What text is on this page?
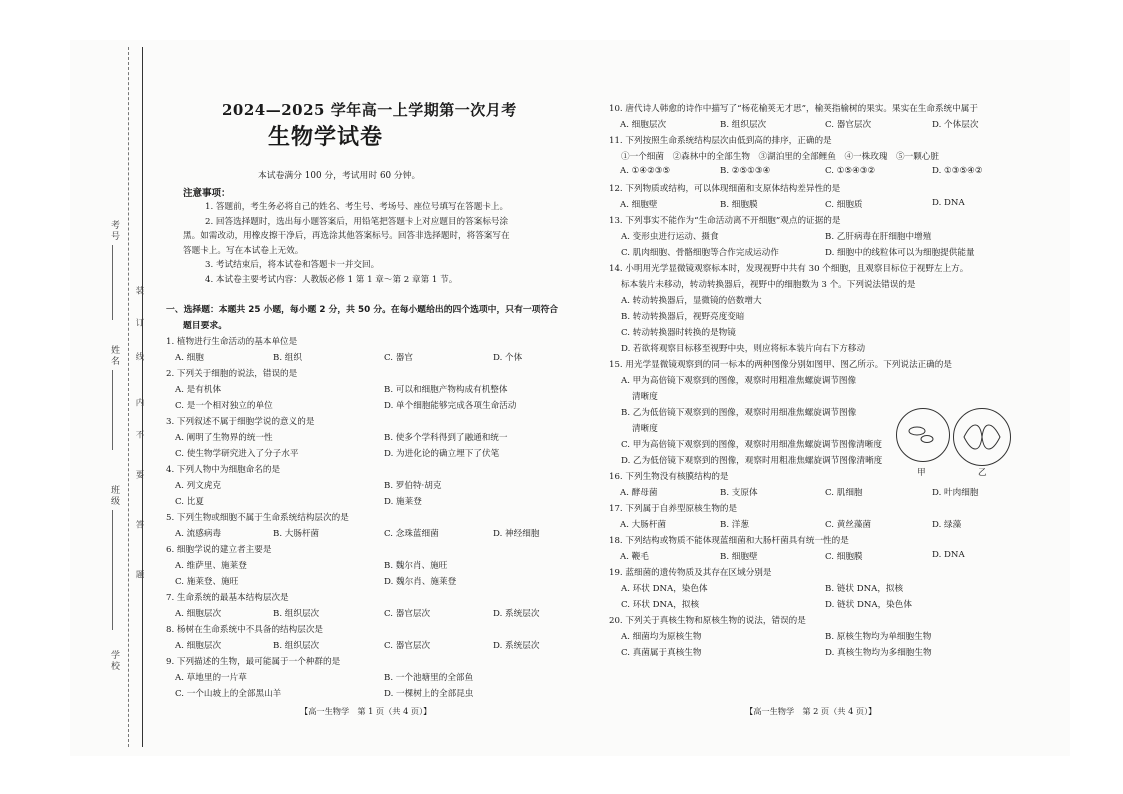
考号
姓名
班级
学校
装
订
线
内
不
要
答
题
2024—2025 学年高一上学期第一次月考
生物学试卷
本试卷满分 100 分，考试用时 60 分钟。
注意事项：
1. 答题前，考生务必将自己的姓名、考生号、考场号、座位号填写在答题卡上。
2. 回答选择题时，选出每小题答案后，用铅笔把答题卡上对应题目的答案标号涂
黑。如需改动，用橡皮擦干净后，再选涂其他答案标号。回答非选择题时，将答案写在
答题卡上。写在本试卷上无效。
3. 考试结束后，将本试卷和答题卡一并交回。
4. 本试卷主要考试内容：人教版必修 1 第 1 章～第 2 章第 1 节。
一、选择题：本题共 25 小题，每小题 2 分，共 50 分。在每小题给出的四个选项中，只有一项符合
题目要求。
1. 植物进行生命活动的基本单位是
A. 细胞	B. 组织	C. 器官	D. 个体
2. 下列关于细胞的说法，错误的是
A. 是有机体	B. 可以和细胞产物构成有机整体
C. 是一个相对独立的单位	D. 单个细胞能够完成各项生命活动
3. 下列叙述不属于细胞学说的意义的是
A. 阐明了生物界的统一性	B. 使多个学科得到了融通和统一
C. 使生物学研究进入了分子水平	D. 为进化论的确立埋下了伏笔
4. 下列人物中为细胞命名的是
A. 列文虎克	B. 罗伯特·胡克
C. 比夏	D. 施莱登
5. 下列生物或细胞不属于生命系统结构层次的是
A. 流感病毒	B. 大肠杆菌	C. 念珠蓝细菌	D. 神经细胞
6. 细胞学说的建立者主要是
A. 维萨里、施莱登	B. 魏尔肖、施旺
C. 施莱登、施旺	D. 魏尔肖、施莱登
7. 生命系统的最基本结构层次是
A. 细胞层次	B. 组织层次	C. 器官层次	D. 系统层次
8. 杨树在生命系统中不具备的结构层次是
A. 细胞层次	B. 组织层次	C. 器官层次	D. 系统层次
9. 下列描述的生物，最可能属于一个种群的是
A. 草地里的一片草	B. 一个池塘里的全部鱼
C. 一个山坡上的全部黑山羊	D. 一棵树上的全部昆虫
10. 唐代诗人韩愈的诗作中描写了“杨花榆荚无才思”，榆荚指榆树的果实。果实在生命系统中属于
A. 细胞层次	B. 组织层次	C. 器官层次	D. 个体层次
11. 下列按照生命系统结构层次由低到高的排序，正确的是
①一个细菌　②森林中的全部生物　③湖泊里的全部鲤鱼　④一株玫瑰　⑤一颗心脏
A. ①④②③⑤	B. ②⑤①③④	C. ①⑤④③②	D. ①③⑤④②
12. 下列物质或结构，可以体现细菌和支原体结构差异性的是
A. 细胞壁	B. 细胞膜	C. 细胞质	D. DNA
13. 下列事实不能作为“生命活动离不开细胞”观点的证据的是
A. 变形虫进行运动、摄食	B. 乙肝病毒在肝细胞中增殖
C. 肌肉细胞、骨骼细胞等合作完成运动作	D. 细胞中的线粒体可以为细胞提供能量
14. 小明用光学显微镜观察标本时，发现视野中共有 30 个细胞，且观察目标位于视野左上方。
标本装片未移动，转动转换器后，视野中的细胞数为 3 个。下列说法错误的是
A. 转动转换器后，显微镜的倍数增大
B. 转动转换器后，视野亮度变暗
C. 转动转换器时转换的是物镜
D. 若欲将观察目标移至视野中央，则应将标本装片向右下方移动
15. 用光学显微镜观察到的同一标本的两种图像分别如图甲、图乙所示。下列说法正确的是
A. 甲为高倍镜下观察到的图像，观察时用粗准焦螺旋调节图像
清晰度
B. 乙为低倍镜下观察到的图像，观察时用细准焦螺旋调节图像
清晰度
C. 甲为高倍镜下观察到的图像，观察时用细准焦螺旋调节图像清晰度
D. 乙为低倍镜下观察到的图像，观察时用粗准焦螺旋调节图像清晰度
16. 下列生物没有核膜结构的是
A. 酵母菌	B. 支原体	C. 肌细胞	D. 叶肉细胞
17. 下列属于自养型原核生物的是
A. 大肠杆菌	B. 洋葱	C. 黄丝藻菌	D. 绿藻
18. 下列结构或物质不能体现蓝细菌和大肠杆菌具有统一性的是
A. 鞭毛	B. 细胞壁	C. 细胞膜	D. DNA
19. 蓝细菌的遗传物质及其存在区域分别是
A. 环状 DNA，染色体	B. 链状 DNA，拟核
C. 环状 DNA，拟核	D. 链状 DNA，染色体
20. 下列关于真核生物和原核生物的说法，错误的是
A. 细菌均为原核生物	B. 原核生物均为单细胞生物
C. 真菌属于真核生物	D. 真核生物均为多细胞生物
甲	乙
【高一生物学　第 1 页（共 4 页）】	【高一生物学　第 2 页（共 4 页）】
